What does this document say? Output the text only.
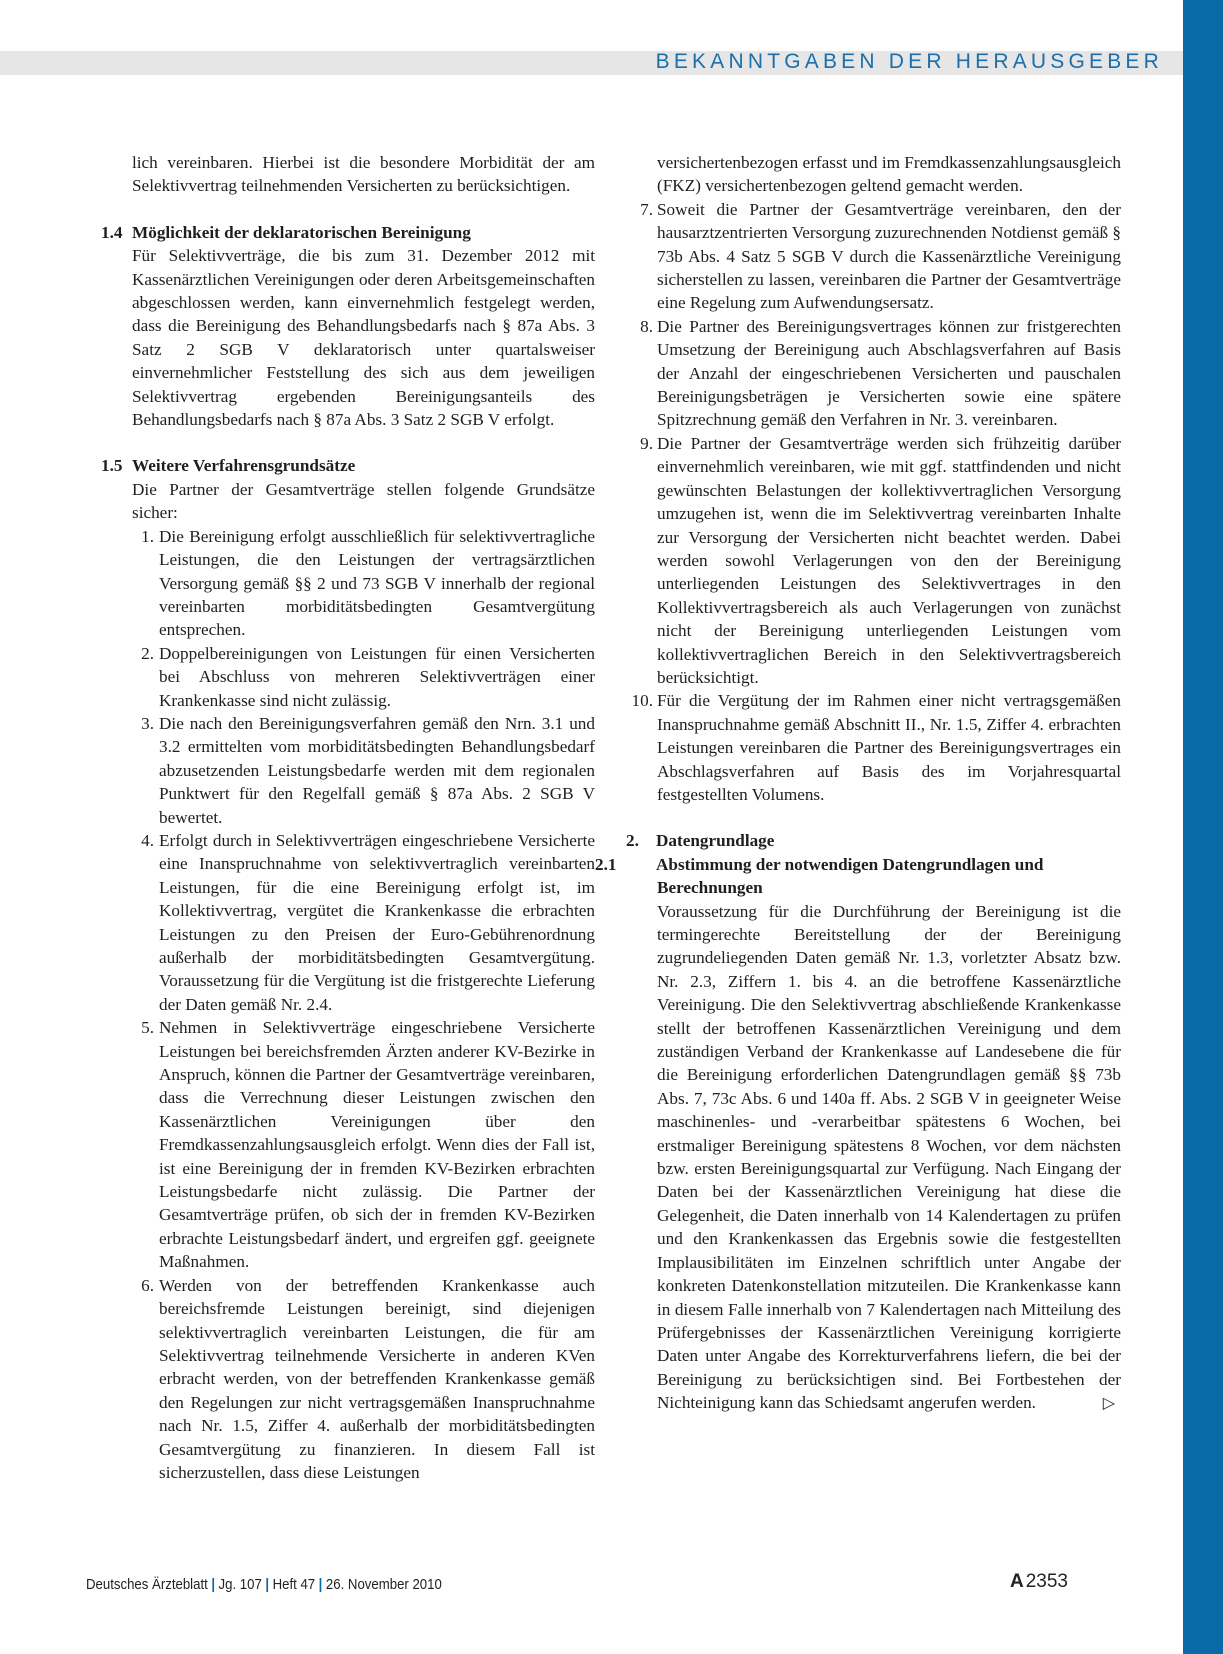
BEKANNTGABEN DER HERAUSGEBER

lich vereinbaren. Hierbei ist die besondere Morbidität der am Selektivvertrag teilnehmenden Versicherten zu berücksichtigen.

1.4 Möglichkeit der deklaratorischen Bereinigung

Für Selektivverträge, die bis zum 31. Dezember 2012 mit Kassenärztlichen Vereinigungen oder deren Arbeitsgemeinschaften abgeschlossen werden, kann einvernehmlich festgelegt werden, dass die Bereinigung des Behandlungsbedarfs nach § 87a Abs. 3 Satz 2 SGB V deklaratorisch unter quartalsweiser einvernehmlicher Feststellung des sich aus dem jeweiligen Selektivvertrag ergebenden Bereinigungsanteils des Behandlungsbedarfs nach § 87a Abs. 3 Satz 2 SGB V erfolgt.

1.5 Weitere Verfahrensgrundsätze

Die Partner der Gesamtverträge stellen folgende Grundsätze sicher:

1. Die Bereinigung erfolgt ausschließlich für selektivvertragliche Leistungen, die den Leistungen der vertragsärztlichen Versorgung gemäß §§ 2 und 73 SGB V innerhalb der regional vereinbarten morbiditätsbedingten Gesamtvergütung entsprechen.
2. Doppelbereinigungen von Leistungen für einen Versicherten bei Abschluss von mehreren Selektivverträgen einer Krankenkasse sind nicht zulässig.
3. Die nach den Bereinigungsverfahren gemäß den Nrn. 3.1 und 3.2 ermittelten vom morbiditätsbedingten Behandlungsbedarf abzusetzenden Leistungsbedarfe werden mit dem regionalen Punktwert für den Regelfall gemäß § 87a Abs. 2 SGB V bewertet.
4. Erfolgt durch in Selektivverträgen eingeschriebene Versicherte eine Inanspruchnahme von selektivvertraglich vereinbarten Leistungen, für die eine Bereinigung erfolgt ist, im Kollektivvertrag, vergütet die Krankenkasse die erbrachten Leistungen zu den Preisen der Euro-Gebührenordnung außerhalb der morbiditätsbedingten Gesamtvergütung. Voraussetzung für die Vergütung ist die fristgerechte Lieferung der Daten gemäß Nr. 2.4.
5. Nehmen in Selektivverträge eingeschriebene Versicherte Leistungen bei bereichsfremden Ärzten anderer KV-Bezirke in Anspruch, können die Partner der Gesamtverträge vereinbaren, dass die Verrechnung dieser Leistungen zwischen den Kassenärztlichen Vereinigungen über den Fremdkassenzahlungsausgleich erfolgt. Wenn dies der Fall ist, ist eine Bereinigung der in fremden KV-Bezirken erbrachten Leistungsbedarfe nicht zulässig. Die Partner der Gesamtverträge prüfen, ob sich der in fremden KV-Bezirken erbrachte Leistungsbedarf ändert, und ergreifen ggf. geeignete Maßnahmen.
6. Werden von der betreffenden Krankenkasse auch bereichsfremde Leistungen bereinigt, sind diejenigen selektivvertraglich vereinbarten Leistungen, die für am Selektivvertrag teilnehmende Versicherte in anderen KVen erbracht werden, von der betreffenden Krankenkasse gemäß den Regelungen zur nicht vertragsgemäßen Inanspruchnahme nach Nr. 1.5, Ziffer 4. außerhalb der morbiditätsbedingten Gesamtvergütung zu finanzieren. In diesem Fall ist sicherzustellen, dass diese Leistungen

versichertenbezogen erfasst und im Fremdkassenzahlungsausgleich (FKZ) versichertenbezogen geltend gemacht werden.

7. Soweit die Partner der Gesamtverträge vereinbaren, den der hausarztzentrierten Versorgung zuzurechnenden Notdienst gemäß § 73b Abs. 4 Satz 5 SGB V durch die Kassenärztliche Vereinigung sicherstellen zu lassen, vereinbaren die Partner der Gesamtverträge eine Regelung zum Aufwendungsersatz.
8. Die Partner des Bereinigungsvertrages können zur fristgerechten Umsetzung der Bereinigung auch Abschlagsverfahren auf Basis der Anzahl der eingeschriebenen Versicherten und pauschalen Bereinigungsbeträgen je Versicherten sowie eine spätere Spitzrechnung gemäß den Verfahren in Nr. 3. vereinbaren.
9. Die Partner der Gesamtverträge werden sich frühzeitig darüber einvernehmlich vereinbaren, wie mit ggf. stattfindenden und nicht gewünschten Belastungen der kollektivvertraglichen Versorgung umzugehen ist, wenn die im Selektivvertrag vereinbarten Inhalte zur Versorgung der Versicherten nicht beachtet werden. Dabei werden sowohl Verlagerungen von den der Bereinigung unterliegenden Leistungen des Selektivvertrages in den Kollektivvertragsbereich als auch Verlagerungen von zunächst nicht der Bereinigung unterliegenden Leistungen vom kollektivvertraglichen Bereich in den Selektivvertragsbereich berücksichtigt.
10. Für die Vergütung der im Rahmen einer nicht vertragsgemäßen Inanspruchnahme gemäß Abschnitt II., Nr. 1.5, Ziffer 4. erbrachten Leistungen vereinbaren die Partner des Bereinigungsvertrages ein Abschlagsverfahren auf Basis des im Vorjahresquartal festgestellten Volumens.
2. Datengrundlage
2.1 Abstimmung der notwendigen Datengrundlagen und Berechnungen

Voraussetzung für die Durchführung der Bereinigung ist die termingerechte Bereitstellung der der Bereinigung zugrundeliegenden Daten gemäß Nr. 1.3, vorletzter Absatz bzw. Nr. 2.3, Ziffern 1. bis 4. an die betroffene Kassenärztliche Vereinigung. Die den Selektivvertrag abschließende Krankenkasse stellt der betroffenen Kassenärztlichen Vereinigung und dem zuständigen Verband der Krankenkasse auf Landesebene die für die Bereinigung erforderlichen Datengrundlagen gemäß §§ 73b Abs. 7, 73c Abs. 6 und 140a ff. Abs. 2 SGB V in geeigneter Weise maschinenles- und -verarbeitbar spätestens 6 Wochen, bei erstmaliger Bereinigung spätestens 8 Wochen, vor dem nächsten bzw. ersten Bereinigungsquartal zur Verfügung. Nach Eingang der Daten bei der Kassenärztlichen Vereinigung hat diese die Gelegenheit, die Daten innerhalb von 14 Kalendertagen zu prüfen und den Krankenkassen das Ergebnis sowie die festgestellten Implausibilitäten im Einzelnen schriftlich unter Angabe der konkreten Datenkonstellation mitzuteilen. Die Krankenkasse kann in diesem Falle innerhalb von 7 Kalendertagen nach Mitteilung des Prüfergebnisses der Kassenärztlichen Vereinigung korrigierte Daten unter Angabe des Korrekturverfahrens liefern, die bei der Bereinigung zu berücksichtigen sind. Bei Fortbestehen der Nichteinigung kann das Schiedsamt angerufen werden.	▷
Deutsches Ärzteblatt | Jg. 107 | Heft 47 | 26. November 2010	A 2353
